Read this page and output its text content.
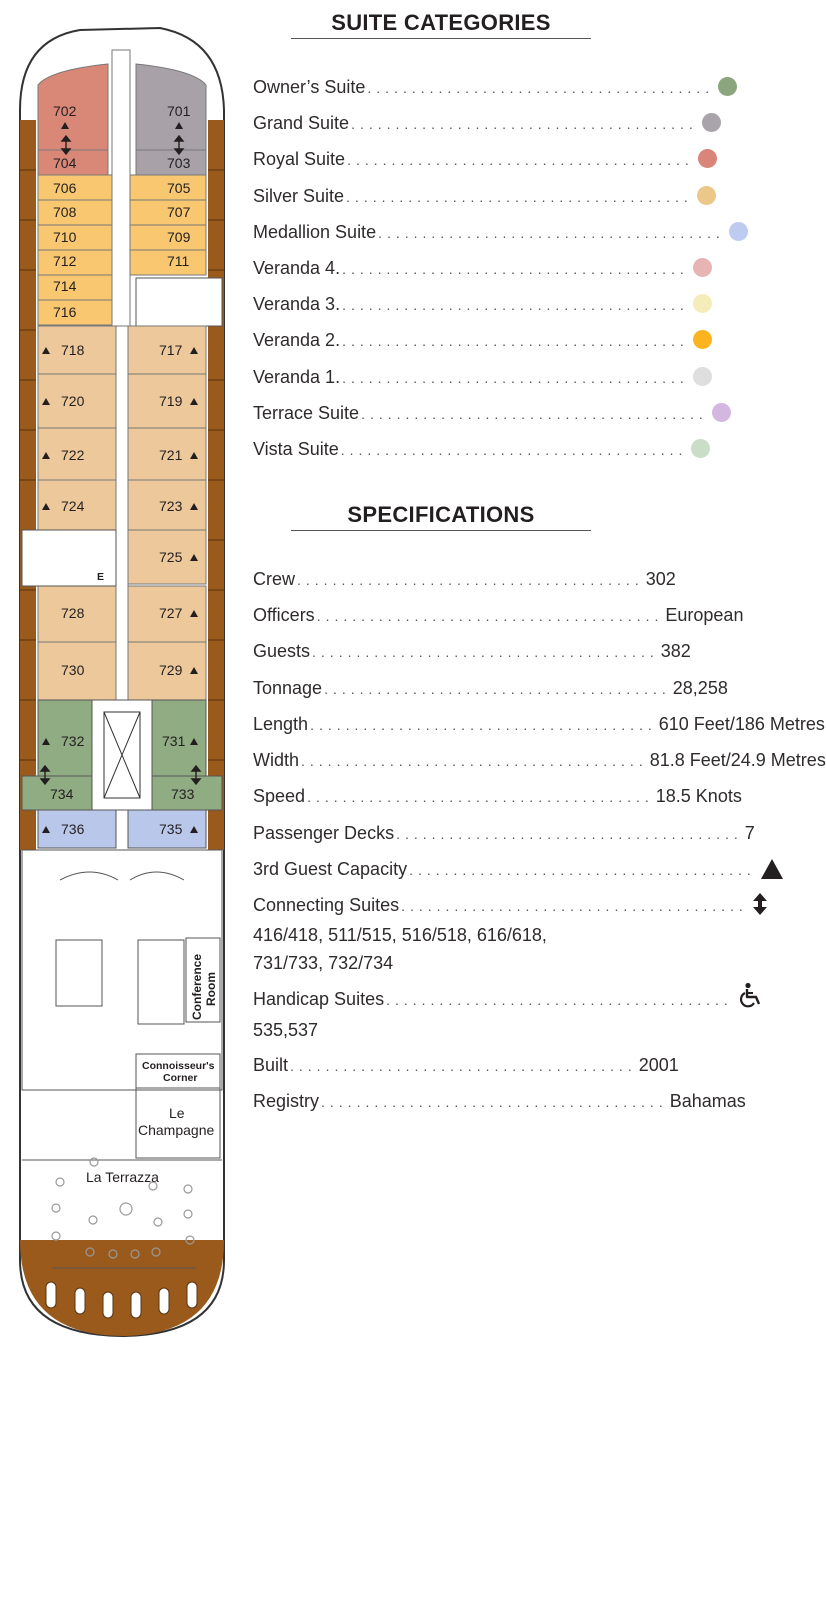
702	701
704	703
706	705
708	707
710	709
712	711
714
716
718	717
720	719
722	721
724	723
725
728	727
730	729
732	731
734	733
736	735
E
Conference Room
Connoisseur's
Corner
Le
Champagne
La Terrazza
SUITE CATEGORIES
Owner’s Suite .......................................
Grand Suite .......................................
Royal Suite .......................................
Silver Suite .......................................
Medallion Suite .......................................
Veranda 4. .......................................
Veranda 3. .......................................
Veranda 2. .......................................
Veranda 1. .......................................
Terrace Suite .......................................
Vista Suite .......................................
SPECIFICATIONS
Crew ....................................... 302
Officers ....................................... European
Guests ....................................... 382
Tonnage ....................................... 28,258
Length ....................................... 610 Feet/186 Metres
Width ....................................... 81.8 Feet/24.9 Metres
Speed ....................................... 18.5 Knots
Passenger Decks ....................................... 7
3rd Guest Capacity .......................................
Connecting Suites .......................................
416/418, 511/515, 516/518, 616/618,
731/733, 732/734
Handicap Suites .......................................
535,537
Built ....................................... 2001
Registry ....................................... Bahamas
